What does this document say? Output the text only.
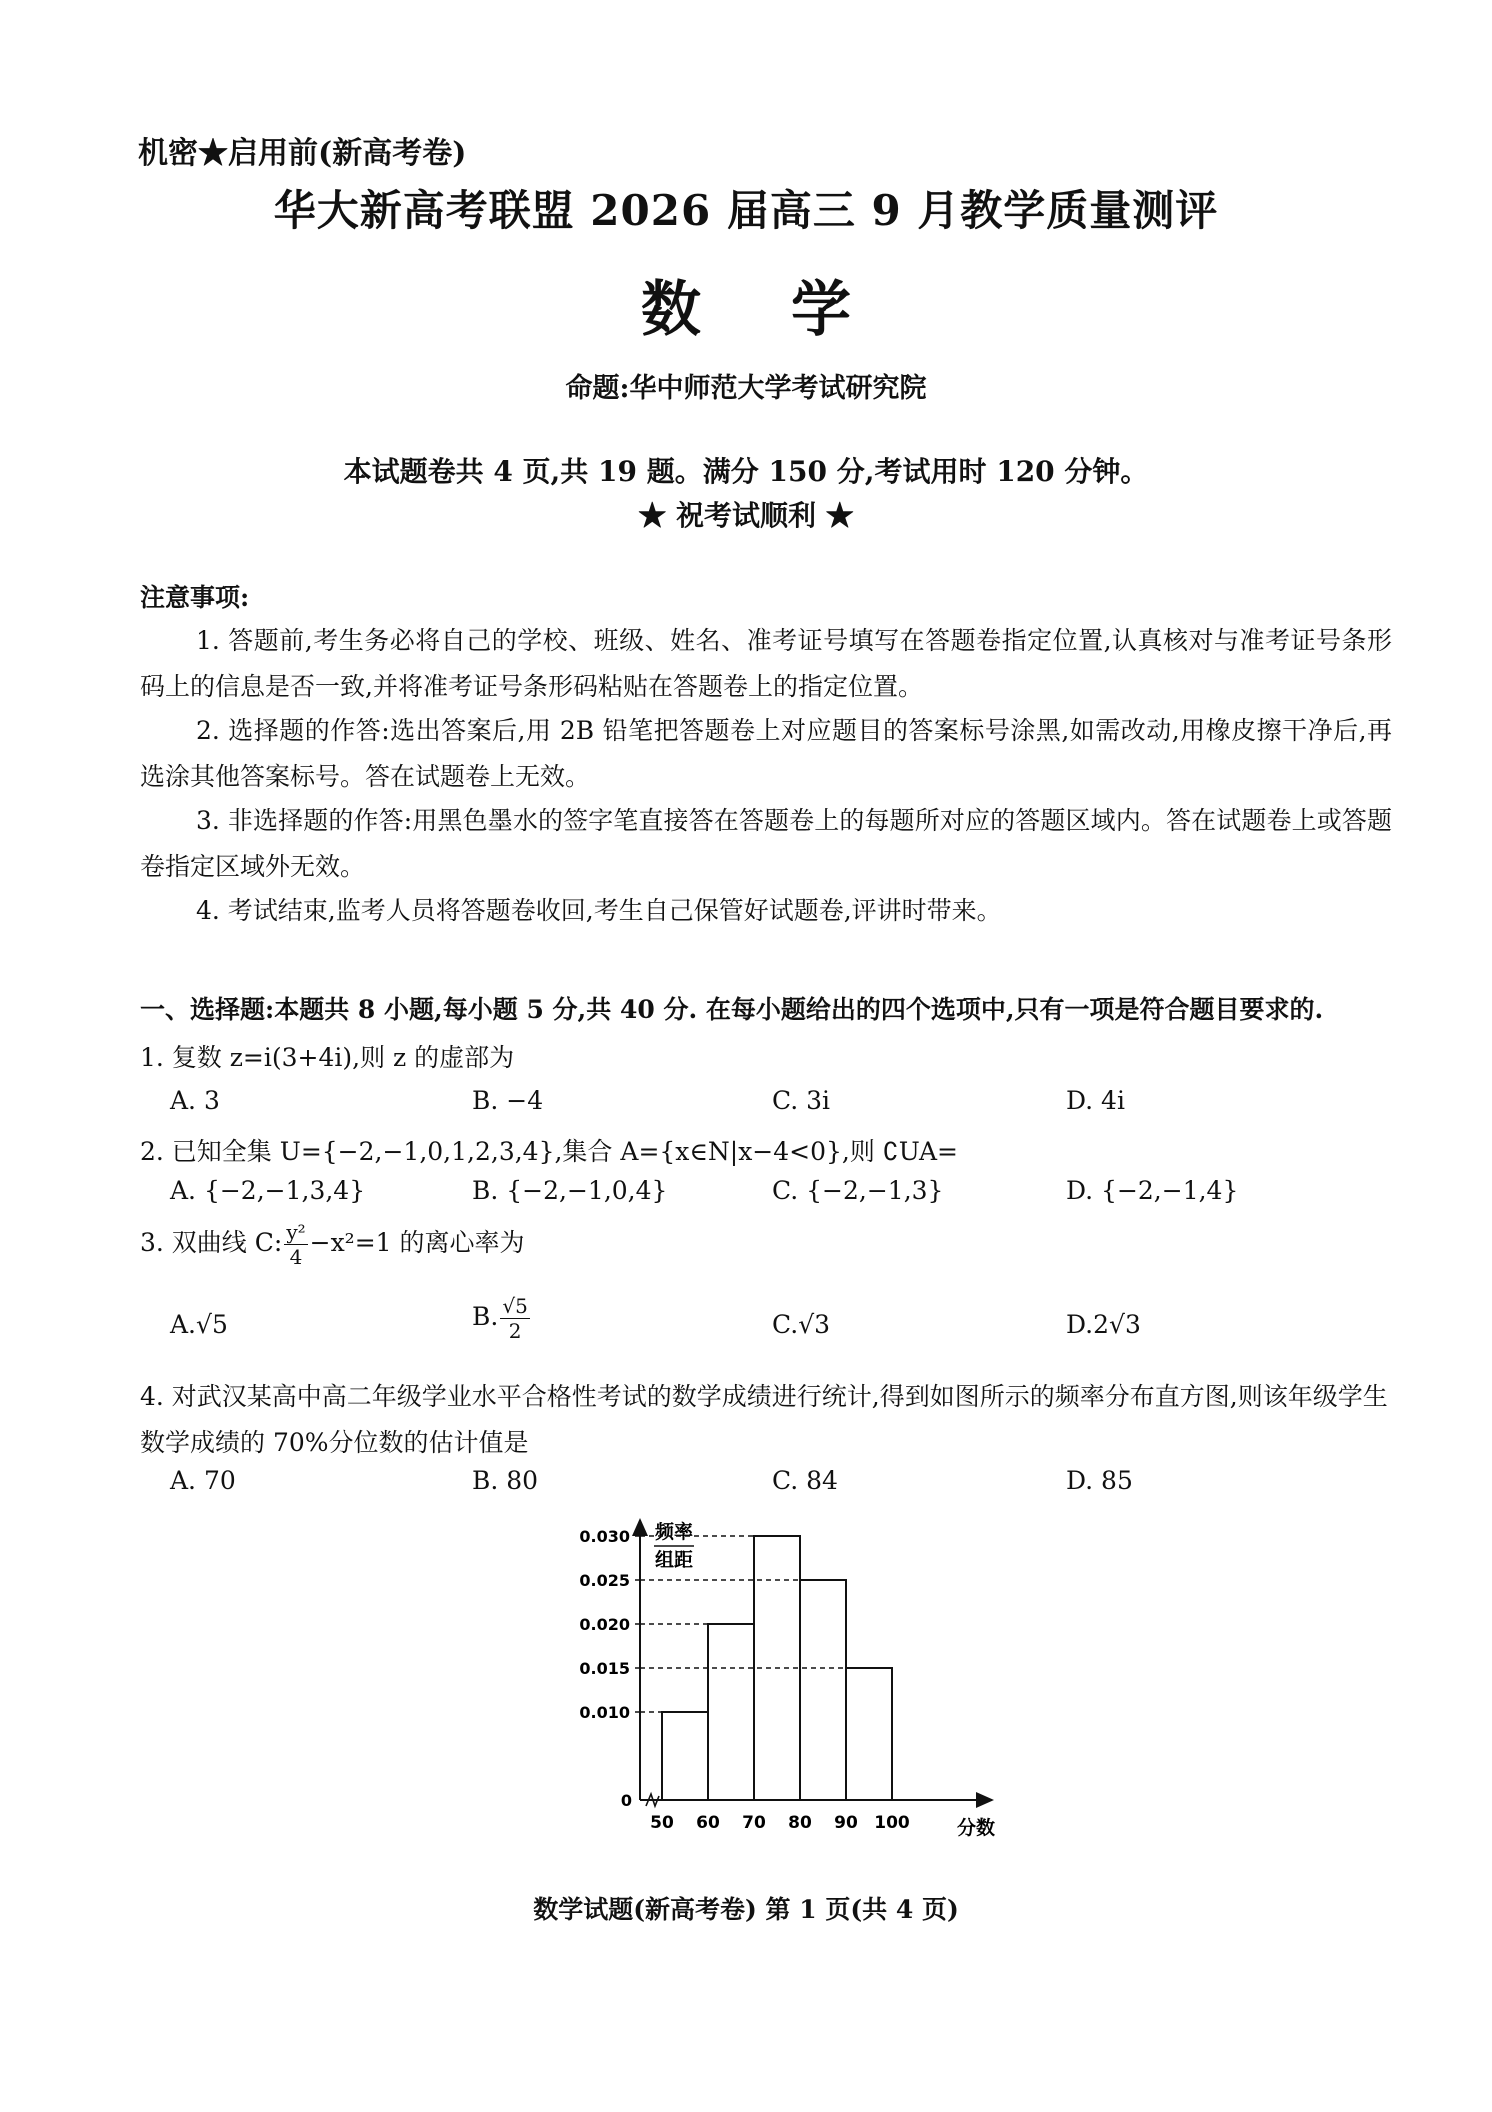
机密★启用前(新高考卷)
华大新高考联盟 2026 届高三 9 月教学质量测评
数学
命题:华中师范大学考试研究院
本试题卷共 4 页,共 19 题。满分 150 分,考试用时 120 分钟。
★ 祝考试顺利 ★
注意事项:
1. 答题前,考生务必将自己的学校、班级、姓名、准考证号填写在答题卷指定位置,认真核对与准考证号条形码上的信息是否一致,并将准考证号条形码粘贴在答题卷上的指定位置。
2. 选择题的作答:选出答案后,用 2B 铅笔把答题卷上对应题目的答案标号涂黑,如需改动,用橡皮擦干净后,再选涂其他答案标号。答在试题卷上无效。
3. 非选择题的作答:用黑色墨水的签字笔直接答在答题卷上的每题所对应的答题区域内。答在试题卷上或答题卷指定区域外无效。
4. 考试结束,监考人员将答题卷收回,考生自己保管好试题卷,评讲时带来。
一、选择题:本题共 8 小题,每小题 5 分,共 40 分. 在每小题给出的四个选项中,只有一项是符合题目要求的.
1. 复数 z=i(3+4i),则 z 的虚部为
A. 3	B. −4	C. 3i	D. 4i
2. 已知全集 U={−2,−1,0,1,2,3,4},集合 A={x∈N|x−4<0},则 ∁UA=
A. {−2,−1,3,4}	B. {−2,−1,0,4}	C. {−2,−1,3}	D. {−2,−1,4}
3. 双曲线 C: $\frac{\text{y²}}{4} -x^2=1$ 的离心率为
A.√5	B. $\frac{√5}{2}$	C.√3	D.2√3
4. 对武汉某高中高二年级学业水平合格性考试的数学成绩进行统计,得到如图所示的频率分布直方图,则该年级学生数学成绩的 70%分位数的估计值是
A. 70	B. 80	C. 84	D. 85
0
频率
组距
0.030
0.025
0.020
0.015
0.010
50 60 70 80 90 100 分数
数学试题(新高考卷) 第 1 页(共 4 页)
